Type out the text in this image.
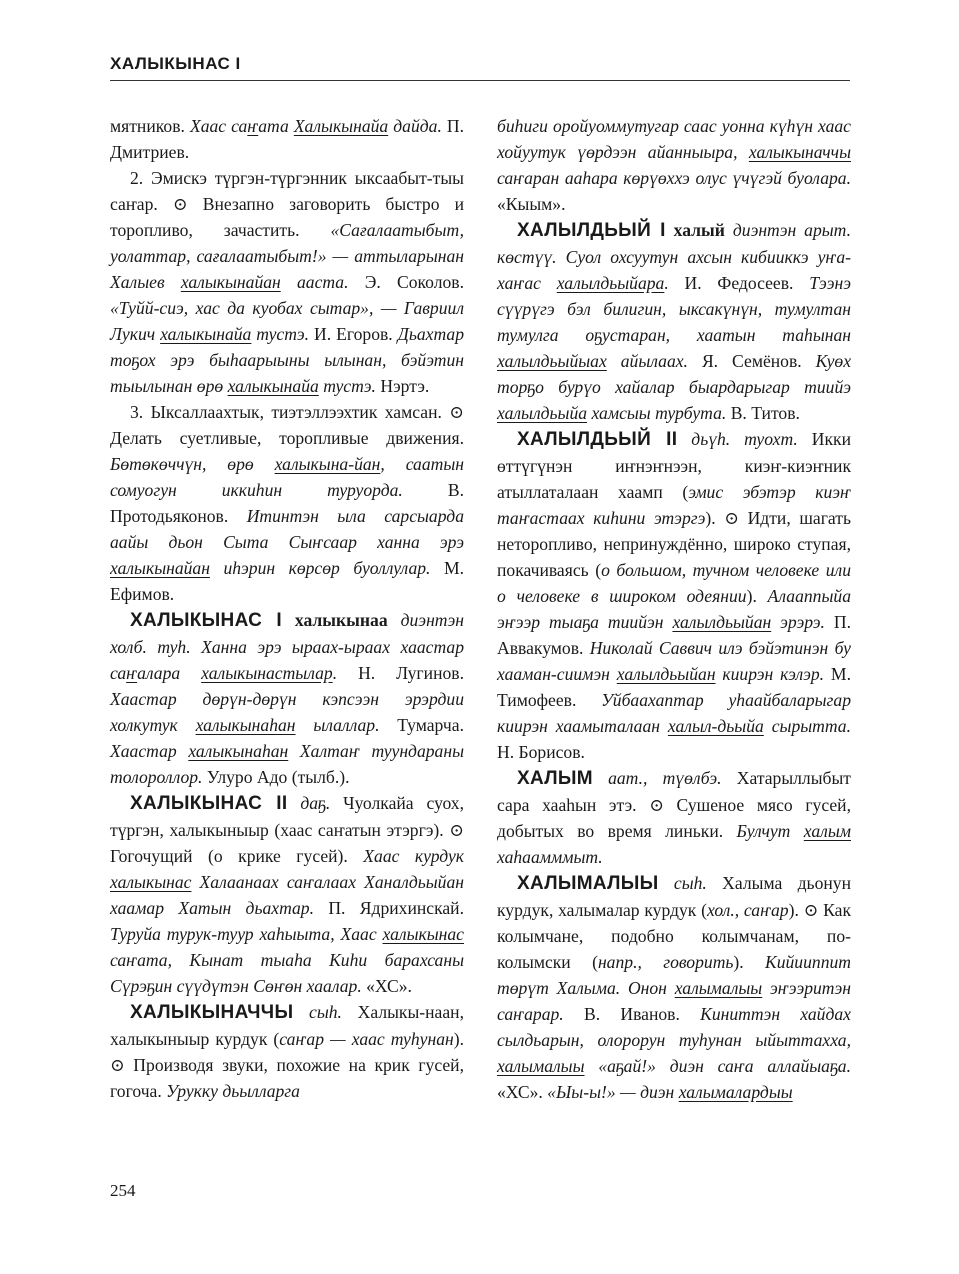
ХАЛЫКЫНАС I

мятников. Хаас саҥата Халыкынайа дайда. П. Дмитриев.

2. Эмискэ түргэн-түргэнник ыксаабыт-тыы саҥар. ⊙ Внезапно заговорить быстро и торопливо, зачастить. «Сағалаатыбыт, уолаттар, сағалаатыбыт!» — аттыларынан Халыев халыкынайан ааста. Э. Соколов. «Туйй-сиэ, хас да куобах сытар», — Гавриил Лукич халыкынайа тустэ. И. Егоров. Дьахтар тоҕох эрэ быһаарыыны ылынан, бэйэтин тыылынан өрө халыкынайа тустэ. Нэртэ.

3. Ыксаллаахтык, тиэтэллээхтик хамсан. ⊙ Делать суетливые, торопливые движения. Бөтөкөччүн, өрө халыкына-йан, саатын сомуогун иккиһин туруорда. В. Протодьяконов. Итинтэн ыла сарсыарда аайы дьон Сыта Сыҥсаар ханна эрэ халыкынайан иһэрин көрсөр буоллулар. М. Ефимов.

ХАЛЫКЫНАС I халыкынаа диэнтэн холб. туһ. Ханна эрэ ыраах-ыраах хаастар саҥалара халыкынастылар. Н. Лугинов. Хаастар дөрүн-дөрүн кэпсээн эрэрдии холкутук халыкынаһан ылаллар. Тумарча. Хаастар халыкынаһан Халтаҥ туундараны толороллор. Улуро Адо (тылб.).

ХАЛЫКЫНАС II даҕ. Чуолкайа суох, түргэн, халыкыныыр (хаас саҥатын этэргэ). ⊙ Гогочущий (о крике гусей). Хаас курдук халыкынас Халаанаах саҥалаах Ханалдьыйан хаамар Хатын дьахтар. П. Ядрихинскай. Туруйа турук-туур хаһыыта, Хаас халыкынас саҥата, Кынат тыаһа Киһи барахсаны Сүрэҕин сүүдүтэн Сөҥөн хаалар. «ХС».

ХАЛЫКЫНАЧЧЫ сыһ. Халыкы-наан, халыкыныыр курдук (саҥар — хаас туһунан). ⊙ Производя звуки, похожие на крик гусей, гогоча. Урукку дьылларга

биһиги оройуоммутугар саас уонна күһүн хаас хойуутук үөрдээн айанныыра, халыкыначчы саҥаран ааһара көрүөххэ олус үчүгэй буолара. «Кыым».

ХАЛЫЛДЬЫЙ I халый диэнтэн арыт. көстүү. Суол охсуутун ахсын кибииккэ уҥа-хаҥас халылдьыйара. И. Федосеев. Тээнэ сүүрүгэ бэл билигин, ыксакүнүн, тумултан тумулга оҕустаран, хаатын таһынан халылдьыйыах айылаах. Я. Семёнов. Куөх торҕо бурүо хайалар быардарыгар тиийэ халылдьыйа хамсыы турбута. В. Титов.

ХАЛЫЛДЬЫЙ II дьүһ. туохт. Икки өттүгүнэн иҥнэҥнээн, киэҥ-киэҥник атыллаталаан хаамп (эмис эбэтэр киэҥ таҥастаах киһини этэргэ). ⊙ Идти, шагать неторопливо, непринуждённо, широко ступая, покачиваясь (о большом, тучном человеке или о человеке в широком одеянии). Алааппыйа эҥээр тыаҕа тиийэн халылдьыйан эрэрэ. П. Аввакумов. Николай Саввич илэ бэйэтинэн бу хааман-сиимэн халылдьыйан киирэн кэлэр. М. Тимофеев. Уйбаахаптар уһаайбаларыгар киирэн хаамыталаан халыл-дьыйа сырытта. Н. Борисов.

ХАЛЫМ аат., түөлбэ. Хатарыллыбыт сара хааһын этэ. ⊙ Сушеное мясо гусей, добытых во время линьки. Булчут халым хаһаамммыт.

ХАЛЫМАЛЫЫ сыһ. Халыма дьонун курдук, халымалар курдук (хол., саҥар). ⊙ Как колымчане, подобно колымчанам, по-колымски (напр., говорить). Кийииппит төрүт Халыма. Онон халымалыы эҥээритэн саҥарар. В. Иванов. Киниттэн хайдах сылдьарын, олорорун туһунан ыйыттахха, халымалыы «аҕай!» диэн саҥа аллайыаҕа. «ХС». «Ыы-ы!» — диэн халымалардыы

254
